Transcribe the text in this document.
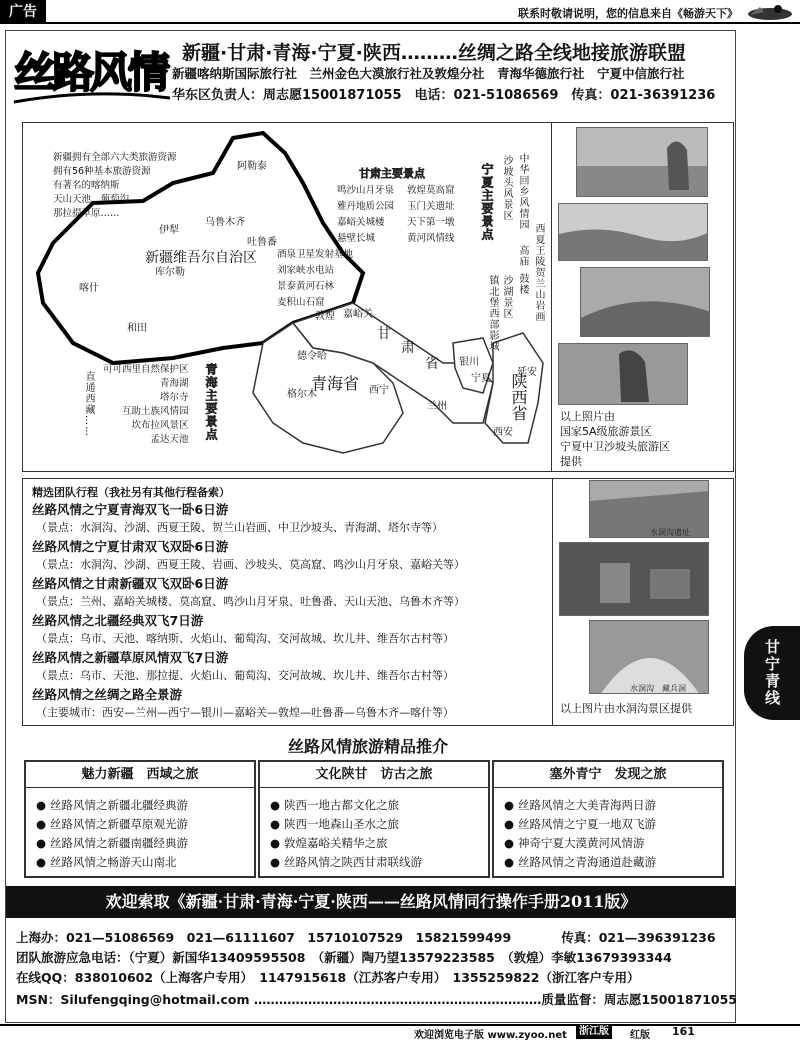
广告	联系时敬请说明，您的信息来自《畅游天下》
丝路风情 新疆·甘肃·青海·宁夏·陕西………丝绸之路全线地接旅游联盟
新疆喀纳斯国际旅行社　兰州金色大漠旅行社及敦煌分社　青海华德旅行社　宁夏中信旅行社
华东区负责人：周志愿15001871055　电话：021-51086569　传真：021-36391236
新疆拥有全部六大类旅游资源
拥有56种基本旅游资源
有著名的喀纳斯
天山天池、葡萄沟
那拉提草原……
阿勒泰
伊犁
乌鲁木齐
吐鲁番
新疆维吾尔自治区
库尔勒
喀什
和田
敦煌 嘉峪关
德令哈
青海省
格尔木	西宁
兰州
银川
宁夏
延安
陕西省
西安
甘
肃
省
甘肃主要景点
鸣沙山月牙泉
雅丹地质公园
嘉峪关城楼
悬壁长城

敦煌莫高窟
玉门关遗址
天下第一墩
黄河风情线
酒泉卫星发射基地
刘家峡水电站
景泰黄河石林
麦积山石窟
宁夏主要景点 沙坡头风景区
沙湖景区
镇北堡西部影城
中华回乡风情园
西夏王陵
贺兰山岩画
高庙
鼓楼
可可西里自然保护区
青海湖
塔尔寺
互助土族风情园
坎布拉风景区
孟达天池 青海主要景点
直通西藏……	以上照片由
国家5A级旅游景区
宁夏中卫沙坡头旅游区
提供
精选团队行程（我社另有其他行程备索）
丝路风情之宁夏青海双飞一卧6日游
（景点：水洞沟、沙湖、西夏王陵、贺兰山岩画、中卫沙坡头、青海湖、塔尔寺等）
丝路风情之宁夏甘肃双飞双卧6日游
（景点：水洞沟、沙湖、西夏王陵、岩画、沙坡头、莫高窟、鸣沙山月牙泉、嘉峪关等）
丝路风情之甘肃新疆双飞双卧6日游
（景点：兰州、嘉峪关城楼、莫高窟、鸣沙山月牙泉、吐鲁番、天山天池、乌鲁木齐等）
丝路风情之北疆经典双飞7日游
（景点：乌市、天池、喀纳斯、火焰山、葡萄沟、交河故城、坎儿井、维吾尔古村等）
丝路风情之新疆草原风情双飞7日游
（景点：乌市、天池、那拉提、火焰山、葡萄沟、交河故城、坎儿井、维吾尔古村等）
丝路风情之丝绸之路全景游
（主要城市：西安—兰州—西宁—银川—嘉峪关—敦煌—吐鲁番—乌鲁木齐—喀什等）
水洞沟遗址
水洞沟　藏兵洞
以上图片由水洞沟景区提供
丝路风情旅游精品推介
魅力新疆　西域之旅
● 丝路风情之新疆北疆经典游
● 丝路风情之新疆草原观光游
● 丝路风情之新疆南疆经典游
● 丝路风情之畅游天山南北
文化陕甘　访古之旅
● 陕西一地古都文化之旅
● 陕西一地森山圣水之旅
● 敦煌嘉峪关精华之旅
● 丝路风情之陕西甘肃联线游
塞外青宁　发现之旅
● 丝路风情之大美青海两日游
● 丝路风情之宁夏一地双飞游
● 神奇宁夏大漠黄河风情游
● 丝路风情之青海通道赴藏游
欢迎索取《新疆·甘肃·青海·宁夏·陕西——丝路风情同行操作手册2011版》
上海办：021—51086569　021—61111607　15710107529　15821599499　　　　传真：021—396391236
团队旅游应急电话：（宁夏）新国华13409595508　（新疆）陶乃望13579223585　（敦煌）李敏13679393344
在线QQ：838010602（上海客户专用）　1147915618（江苏客户专用）　1355259822（浙江客户专用）
MSN：Silufengqing@hotmail.com ……………………………………………………………质量监督：周志愿15001871055
甘宁青线
欢迎浏览电子版 www.zyoo.net	浙江版	红版 161
